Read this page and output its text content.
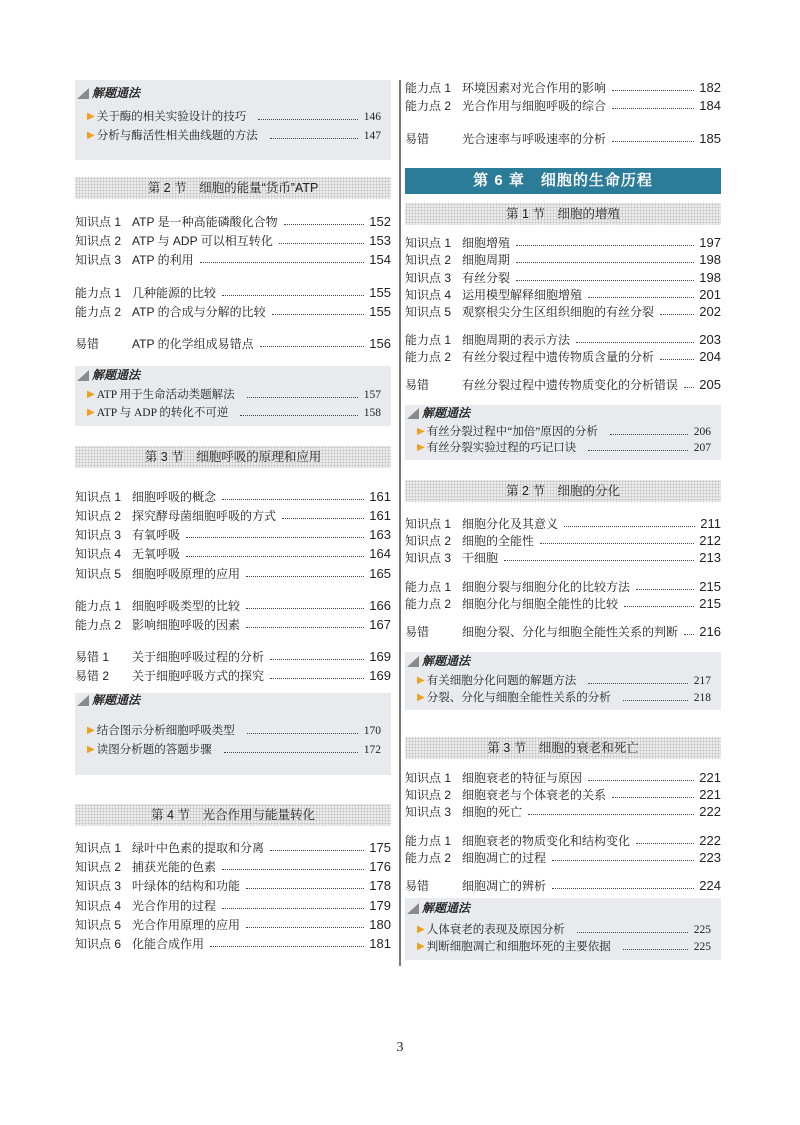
解题通法
▶ 关于酶的相关实验设计的技巧	146
▶ 分析与酶活性相关曲线题的方法	147
第 2 节　细胞的能量“货币”ATP
知识点 1 ATP 是一种高能磷酸化合物	152
知识点 2 ATP 与 ADP 可以相互转化	153
知识点 3 ATP 的利用	154
能力点 1 几种能源的比较	155
能力点 2 ATP 的合成与分解的比较	155
易错	ATP 的化学组成易错点	156
解题通法
▶ ATP 用于生命活动类题解法	157
▶ ATP 与 ADP 的转化不可逆	158
第 3 节　细胞呼吸的原理和应用
知识点 1 细胞呼吸的概念	161
知识点 2 探究酵母菌细胞呼吸的方式	161
知识点 3 有氧呼吸	163
知识点 4 无氧呼吸	164
知识点 5 细胞呼吸原理的应用	165
能力点 1 细胞呼吸类型的比较	166
能力点 2 影响细胞呼吸的因素	167
易错 1	关于细胞呼吸过程的分析	169
易错 2	关于细胞呼吸方式的探究	169
解题通法
▶ 结合图示分析细胞呼吸类型	170
▶ 读图分析题的答题步骤	172
第 4 节　光合作用与能量转化
知识点 1 绿叶中色素的提取和分离	175
知识点 2 捕获光能的色素	176
知识点 3 叶绿体的结构和功能	178
知识点 4 光合作用的过程	179
知识点 5 光合作用原理的应用	180
知识点 6 化能合成作用	181
能力点 1 环境因素对光合作用的影响	182
能力点 2 光合作用与细胞呼吸的综合	184
易错	光合速率与呼吸速率的分析	185
第 6 章　细胞的生命历程
第 1 节　细胞的增殖
知识点 1 细胞增殖	197
知识点 2 细胞周期	198
知识点 3 有丝分裂	198
知识点 4 运用模型解释细胞增殖	201
知识点 5 观察根尖分生区组织细胞的有丝分裂	202
能力点 1 细胞周期的表示方法	203
能力点 2 有丝分裂过程中遗传物质含量的分析	204
易错	有丝分裂过程中遗传物质变化的分析错误 205
解题通法
▶ 有丝分裂过程中“加倍”原因的分析	206
▶ 有丝分裂实验过程的巧记口诀	207
第 2 节　细胞的分化
知识点 1 细胞分化及其意义	211
知识点 2 细胞的全能性	212
知识点 3 干细胞	213
能力点 1 细胞分裂与细胞分化的比较方法	215
能力点 2 细胞分化与细胞全能性的比较	215
易错	细胞分裂、分化与细胞全能性关系的判断 216
解题通法
▶ 有关细胞分化问题的解题方法	217
▶ 分裂、分化与细胞全能性关系的分析	218
第 3 节　细胞的衰老和死亡
知识点 1 细胞衰老的特征与原因	221
知识点 2 细胞衰老与个体衰老的关系	221
知识点 3 细胞的死亡	222
能力点 1 细胞衰老的物质变化和结构变化	222
能力点 2 细胞凋亡的过程	223
易错	细胞凋亡的辨析	224
解题通法
▶ 人体衰老的表现及原因分析	225
▶ 判断细胞凋亡和细胞坏死的主要依据	225
3
